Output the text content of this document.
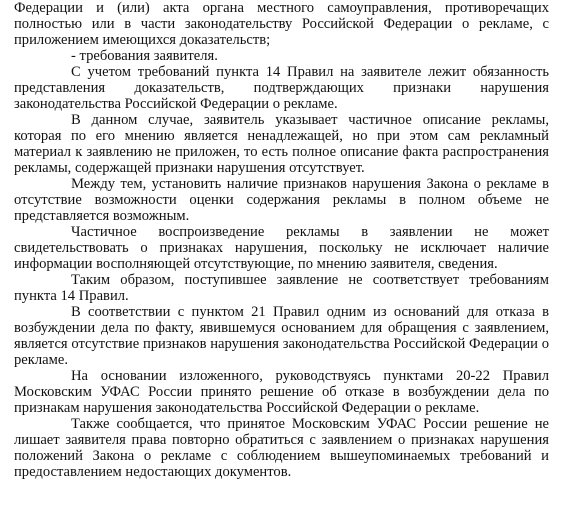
Федерации и (или) акта органа местного самоуправления, противоречащих полностью или в части законодательству Российской Федерации о рекламе, с приложением имеющихся доказательств;

- требования заявителя.

С учетом требований пункта 14 Правил на заявителе лежит обязанность представления доказательств, подтверждающих признаки нарушения законодательства Российской Федерации о рекламе.

В данном случае, заявитель указывает частичное описание рекламы, которая по его мнению является ненадлежащей, но при этом сам рекламный материал к заявлению не приложен, то есть полное описание факта распространения рекламы, содержащей признаки нарушения отсутствует.

Между тем, установить наличие признаков нарушения Закона о рекламе в отсутствие возможности оценки содержания рекламы в полном объеме не представляется возможным.

Частичное воспроизведение рекламы в заявлении не может свидетельствовать о признаках нарушения, поскольку не исключает наличие информации восполняющей отсутствующие, по мнению заявителя, сведения.

Таким образом, поступившее заявление не соответствует требованиям пункта 14 Правил.

В соответствии с пунктом 21 Правил одним из оснований для отказа в возбуждении дела по факту, явившемуся основанием для обращения с заявлением, является отсутствие признаков нарушения законодательства Российской Федерации о рекламе.

На основании изложенного, руководствуясь пунктами 20-22 Правил Московским УФАС России принято решение об отказе в возбуждении дела по признакам нарушения законодательства Российской Федерации о рекламе.

Также сообщается, что принятое Московским УФАС России решение не лишает заявителя права повторно обратиться с заявлением о признаках нарушения положений Закона о рекламе с соблюдением вышеупоминаемых требований и предоставлением недостающих документов.
